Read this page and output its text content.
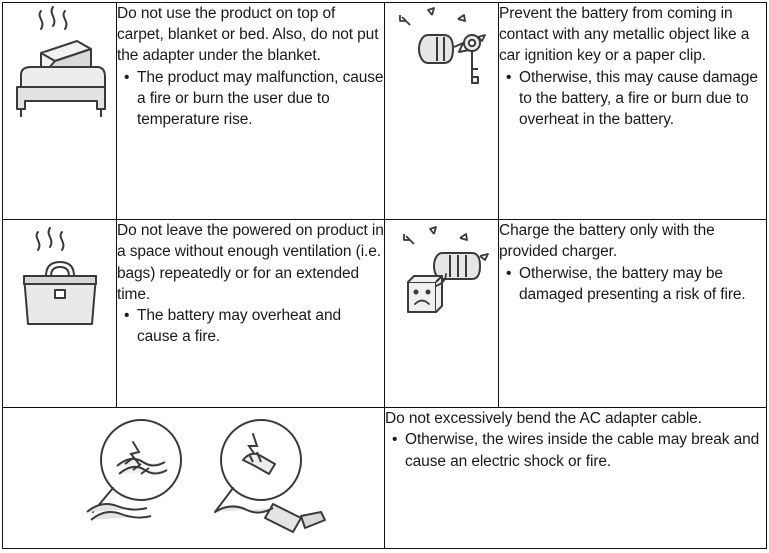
Do not use the product on top of carpet, blanket or bed. Also, do not put the adapter under the blanket.
• The product may malfunction, cause a fire or burn the user due to temperature rise.

Prevent the battery from coming in contact with any metallic object like a car ignition key or a paper clip.
• Otherwise, this may cause damage to the battery, a fire or burn due to overheat in the battery.

Do not leave the powered on product in a space without enough ventilation (i.e. bags) repeatedly or for an extended time.
• The battery may overheat and cause a fire.

Charge the battery only with the provided charger.
• Otherwise, the battery may be damaged presenting a risk of fire.

Do not excessively bend the AC adapter cable.
• Otherwise, the wires inside the cable may break and cause an electric shock or fire.
